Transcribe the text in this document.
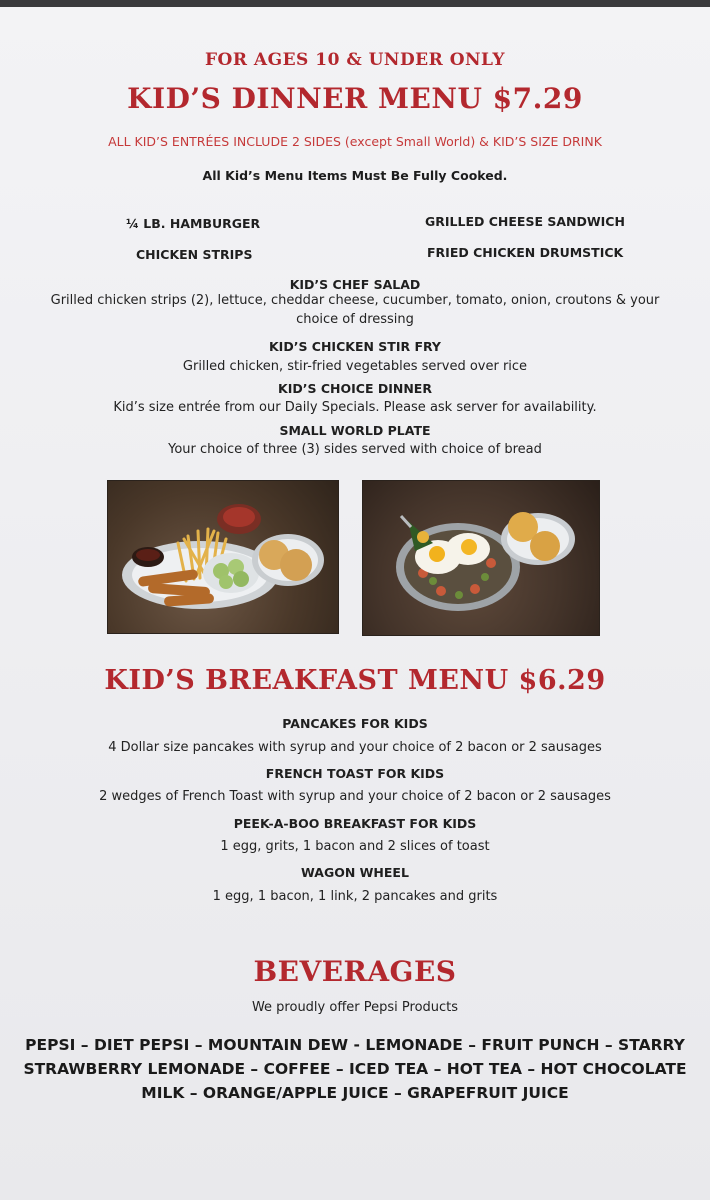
FOR AGES 10 & UNDER ONLY
KID’S DINNER MENU $7.29
ALL KID’S ENTRÉES INCLUDE 2 SIDES (except Small World) & KID’S SIZE DRINK
All Kid’s Menu Items Must Be Fully Cooked.
¼ LB. HAMBURGER	GRILLED CHEESE SANDWICH
CHICKEN STRIPS	FRIED CHICKEN DRUMSTICK
KID’S CHEF SALAD
Grilled chicken strips (2), lettuce, cheddar cheese, cucumber, tomato, onion, croutons & your choice of dressing
KID’S CHICKEN STIR FRY
Grilled chicken, stir-fried vegetables served over rice
KID’S CHOICE DINNER
Kid’s size entrée from our Daily Specials. Please ask server for availability.
SMALL WORLD PLATE
Your choice of three (3) sides served with choice of bread
KID’S BREAKFAST MENU $6.29
PANCAKES FOR KIDS
4 Dollar size pancakes with syrup and your choice of 2 bacon or 2 sausages
FRENCH TOAST FOR KIDS
2 wedges of French Toast with syrup and your choice of 2 bacon or 2 sausages
PEEK-A-BOO BREAKFAST FOR KIDS
1 egg, grits, 1 bacon and 2 slices of toast
WAGON WHEEL
1 egg, 1 bacon, 1 link, 2 pancakes and grits
BEVERAGES
We proudly offer Pepsi Products
PEPSI – DIET PEPSI – MOUNTAIN DEW - LEMONADE – FRUIT PUNCH – STARRY
STRAWBERRY LEMONADE – COFFEE – ICED TEA – HOT TEA – HOT CHOCOLATE
MILK – ORANGE/APPLE JUICE – GRAPEFRUIT JUICE
